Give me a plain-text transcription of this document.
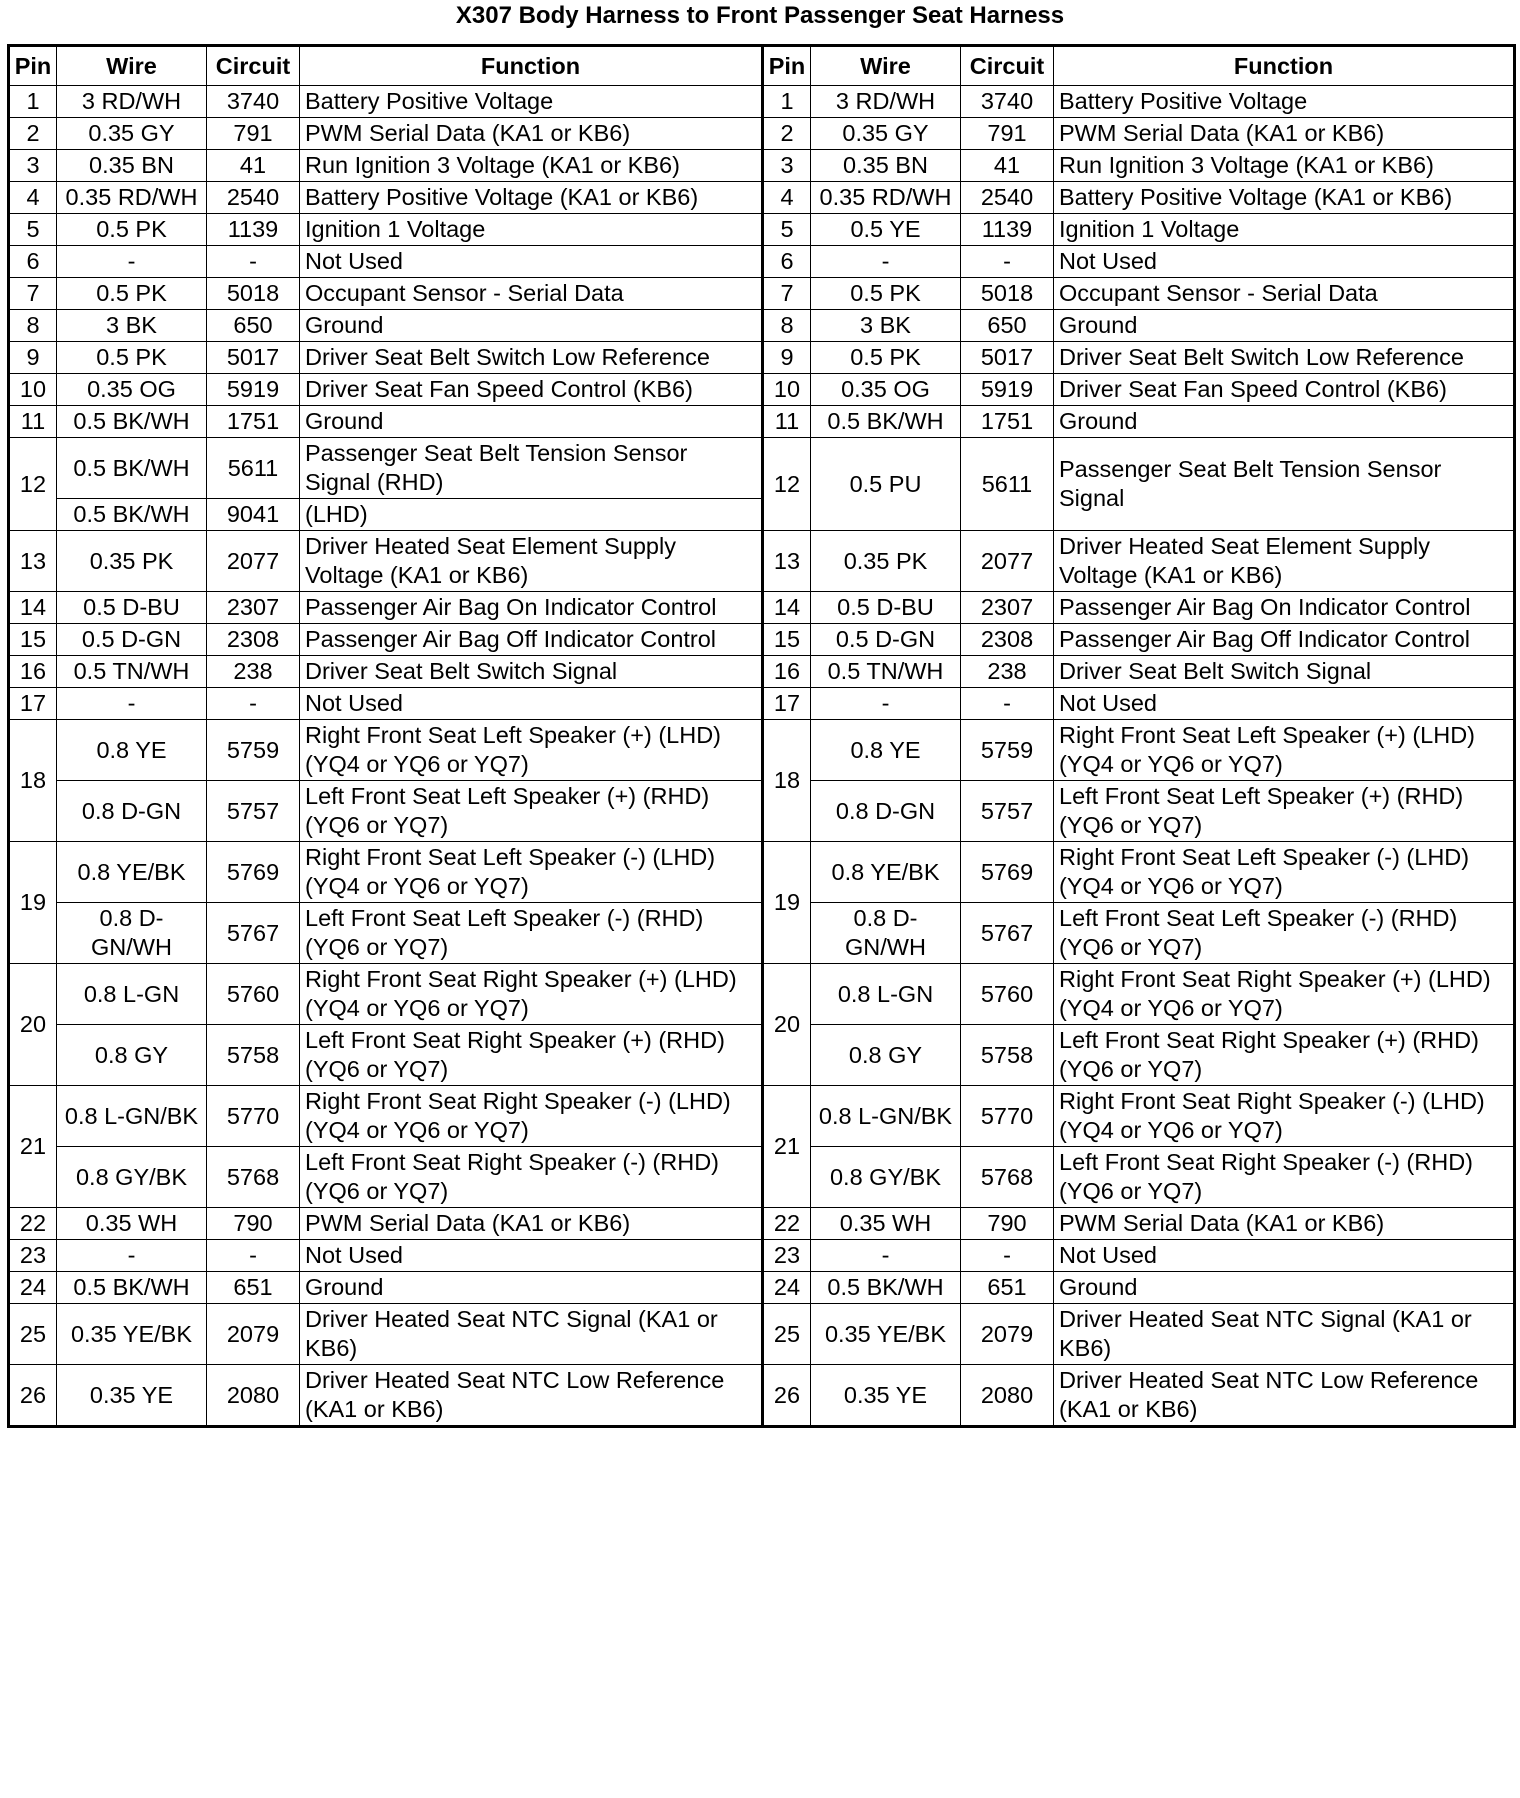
X307 Body Harness to Front Passenger Seat Harness
Pin	Wire	Circuit	Function	Pin	Wire	Circuit	Function
1	3 RD/WH	3740	Battery Positive Voltage	1	3 RD/WH	3740	Battery Positive Voltage
2	0.35 GY	791	PWM Serial Data (KA1 or KB6)	2	0.35 GY	791	PWM Serial Data (KA1 or KB6)
3	0.35 BN	41	Run Ignition 3 Voltage (KA1 or KB6)	3	0.35 BN	41	Run Ignition 3 Voltage (KA1 or KB6)
4	0.35 RD/WH	2540	Battery Positive Voltage (KA1 or KB6)	4	0.35 RD/WH	2540	Battery Positive Voltage (KA1 or KB6)
5	0.5 PK	1139	Ignition 1 Voltage	5	0.5 YE	1139	Ignition 1 Voltage
6	-	-	Not Used	6	-	-	Not Used
7	0.5 PK	5018	Occupant Sensor - Serial Data	7	0.5 PK	5018	Occupant Sensor - Serial Data
8	3 BK	650	Ground	8	3 BK	650	Ground
9	0.5 PK	5017	Driver Seat Belt Switch Low Reference	9	0.5 PK	5017	Driver Seat Belt Switch Low Reference
10	0.35 OG	5919	Driver Seat Fan Speed Control (KB6)	10	0.35 OG	5919	Driver Seat Fan Speed Control (KB6)
11	0.5 BK/WH	1751	Ground	11	0.5 BK/WH	1751	Ground
12	0.5 BK/WH	5611	Passenger Seat Belt Tension Sensor Signal (RHD)	12	0.5 PU	5611	Passenger Seat Belt Tension Sensor Signal
	0.5 BK/WH	9041	(LHD)				
13	0.35 PK	2077	Driver Heated Seat Element Supply Voltage (KA1 or KB6)	13	0.35 PK	2077	Driver Heated Seat Element Supply Voltage (KA1 or KB6)
14	0.5 D-BU	2307	Passenger Air Bag On Indicator Control	14	0.5 D-BU	2307	Passenger Air Bag On Indicator Control
15	0.5 D-GN	2308	Passenger Air Bag Off Indicator Control	15	0.5 D-GN	2308	Passenger Air Bag Off Indicator Control
16	0.5 TN/WH	238	Driver Seat Belt Switch Signal	16	0.5 TN/WH	238	Driver Seat Belt Switch Signal
17	-	-	Not Used	17	-	-	Not Used
18	0.8 YE	5759	Right Front Seat Left Speaker (+) (LHD) (YQ4 or YQ6 or YQ7)	18	0.8 YE	5759	Right Front Seat Left Speaker (+) (LHD) (YQ4 or YQ6 or YQ7)
	0.8 D-GN	5757	Left Front Seat Left Speaker (+) (RHD) (YQ6 or YQ7)		0.8 D-GN	5757	Left Front Seat Left Speaker (+) (RHD) (YQ6 or YQ7)
19	0.8 YE/BK	5769	Right Front Seat Left Speaker (-) (LHD) (YQ4 or YQ6 or YQ7)	19	0.8 YE/BK	5769	Right Front Seat Left Speaker (-) (LHD) (YQ4 or YQ6 or YQ7)
	0.8 D-GN/WH	5767	Left Front Seat Left Speaker (-) (RHD) (YQ6 or YQ7)		0.8 D-GN/WH	5767	Left Front Seat Left Speaker (-) (RHD) (YQ6 or YQ7)
20	0.8 L-GN	5760	Right Front Seat Right Speaker (+) (LHD) (YQ4 or YQ6 or YQ7)	20	0.8 L-GN	5760	Right Front Seat Right Speaker (+) (LHD) (YQ4 or YQ6 or YQ7)
	0.8 GY	5758	Left Front Seat Right Speaker (+) (RHD) (YQ6 or YQ7)		0.8 GY	5758	Left Front Seat Right Speaker (+) (RHD) (YQ6 or YQ7)
21	0.8 L-GN/BK	5770	Right Front Seat Right Speaker (-) (LHD) (YQ4 or YQ6 or YQ7)	21	0.8 L-GN/BK	5770	Right Front Seat Right Speaker (-) (LHD) (YQ4 or YQ6 or YQ7)
	0.8 GY/BK	5768	Left Front Seat Right Speaker (-) (RHD) (YQ6 or YQ7)		0.8 GY/BK	5768	Left Front Seat Right Speaker (-) (RHD) (YQ6 or YQ7)
22	0.35 WH	790	PWM Serial Data (KA1 or KB6)	22	0.35 WH	790	PWM Serial Data (KA1 or KB6)
23	-	-	Not Used	23	-	-	Not Used
24	0.5 BK/WH	651	Ground	24	0.5 BK/WH	651	Ground
25	0.35 YE/BK	2079	Driver Heated Seat NTC Signal (KA1 or KB6)	25	0.35 YE/BK	2079	Driver Heated Seat NTC Signal (KA1 or KB6)
26	0.35 YE	2080	Driver Heated Seat NTC Low Reference (KA1 or KB6)	26	0.35 YE	2080	Driver Heated Seat NTC Low Reference (KA1 or KB6)
